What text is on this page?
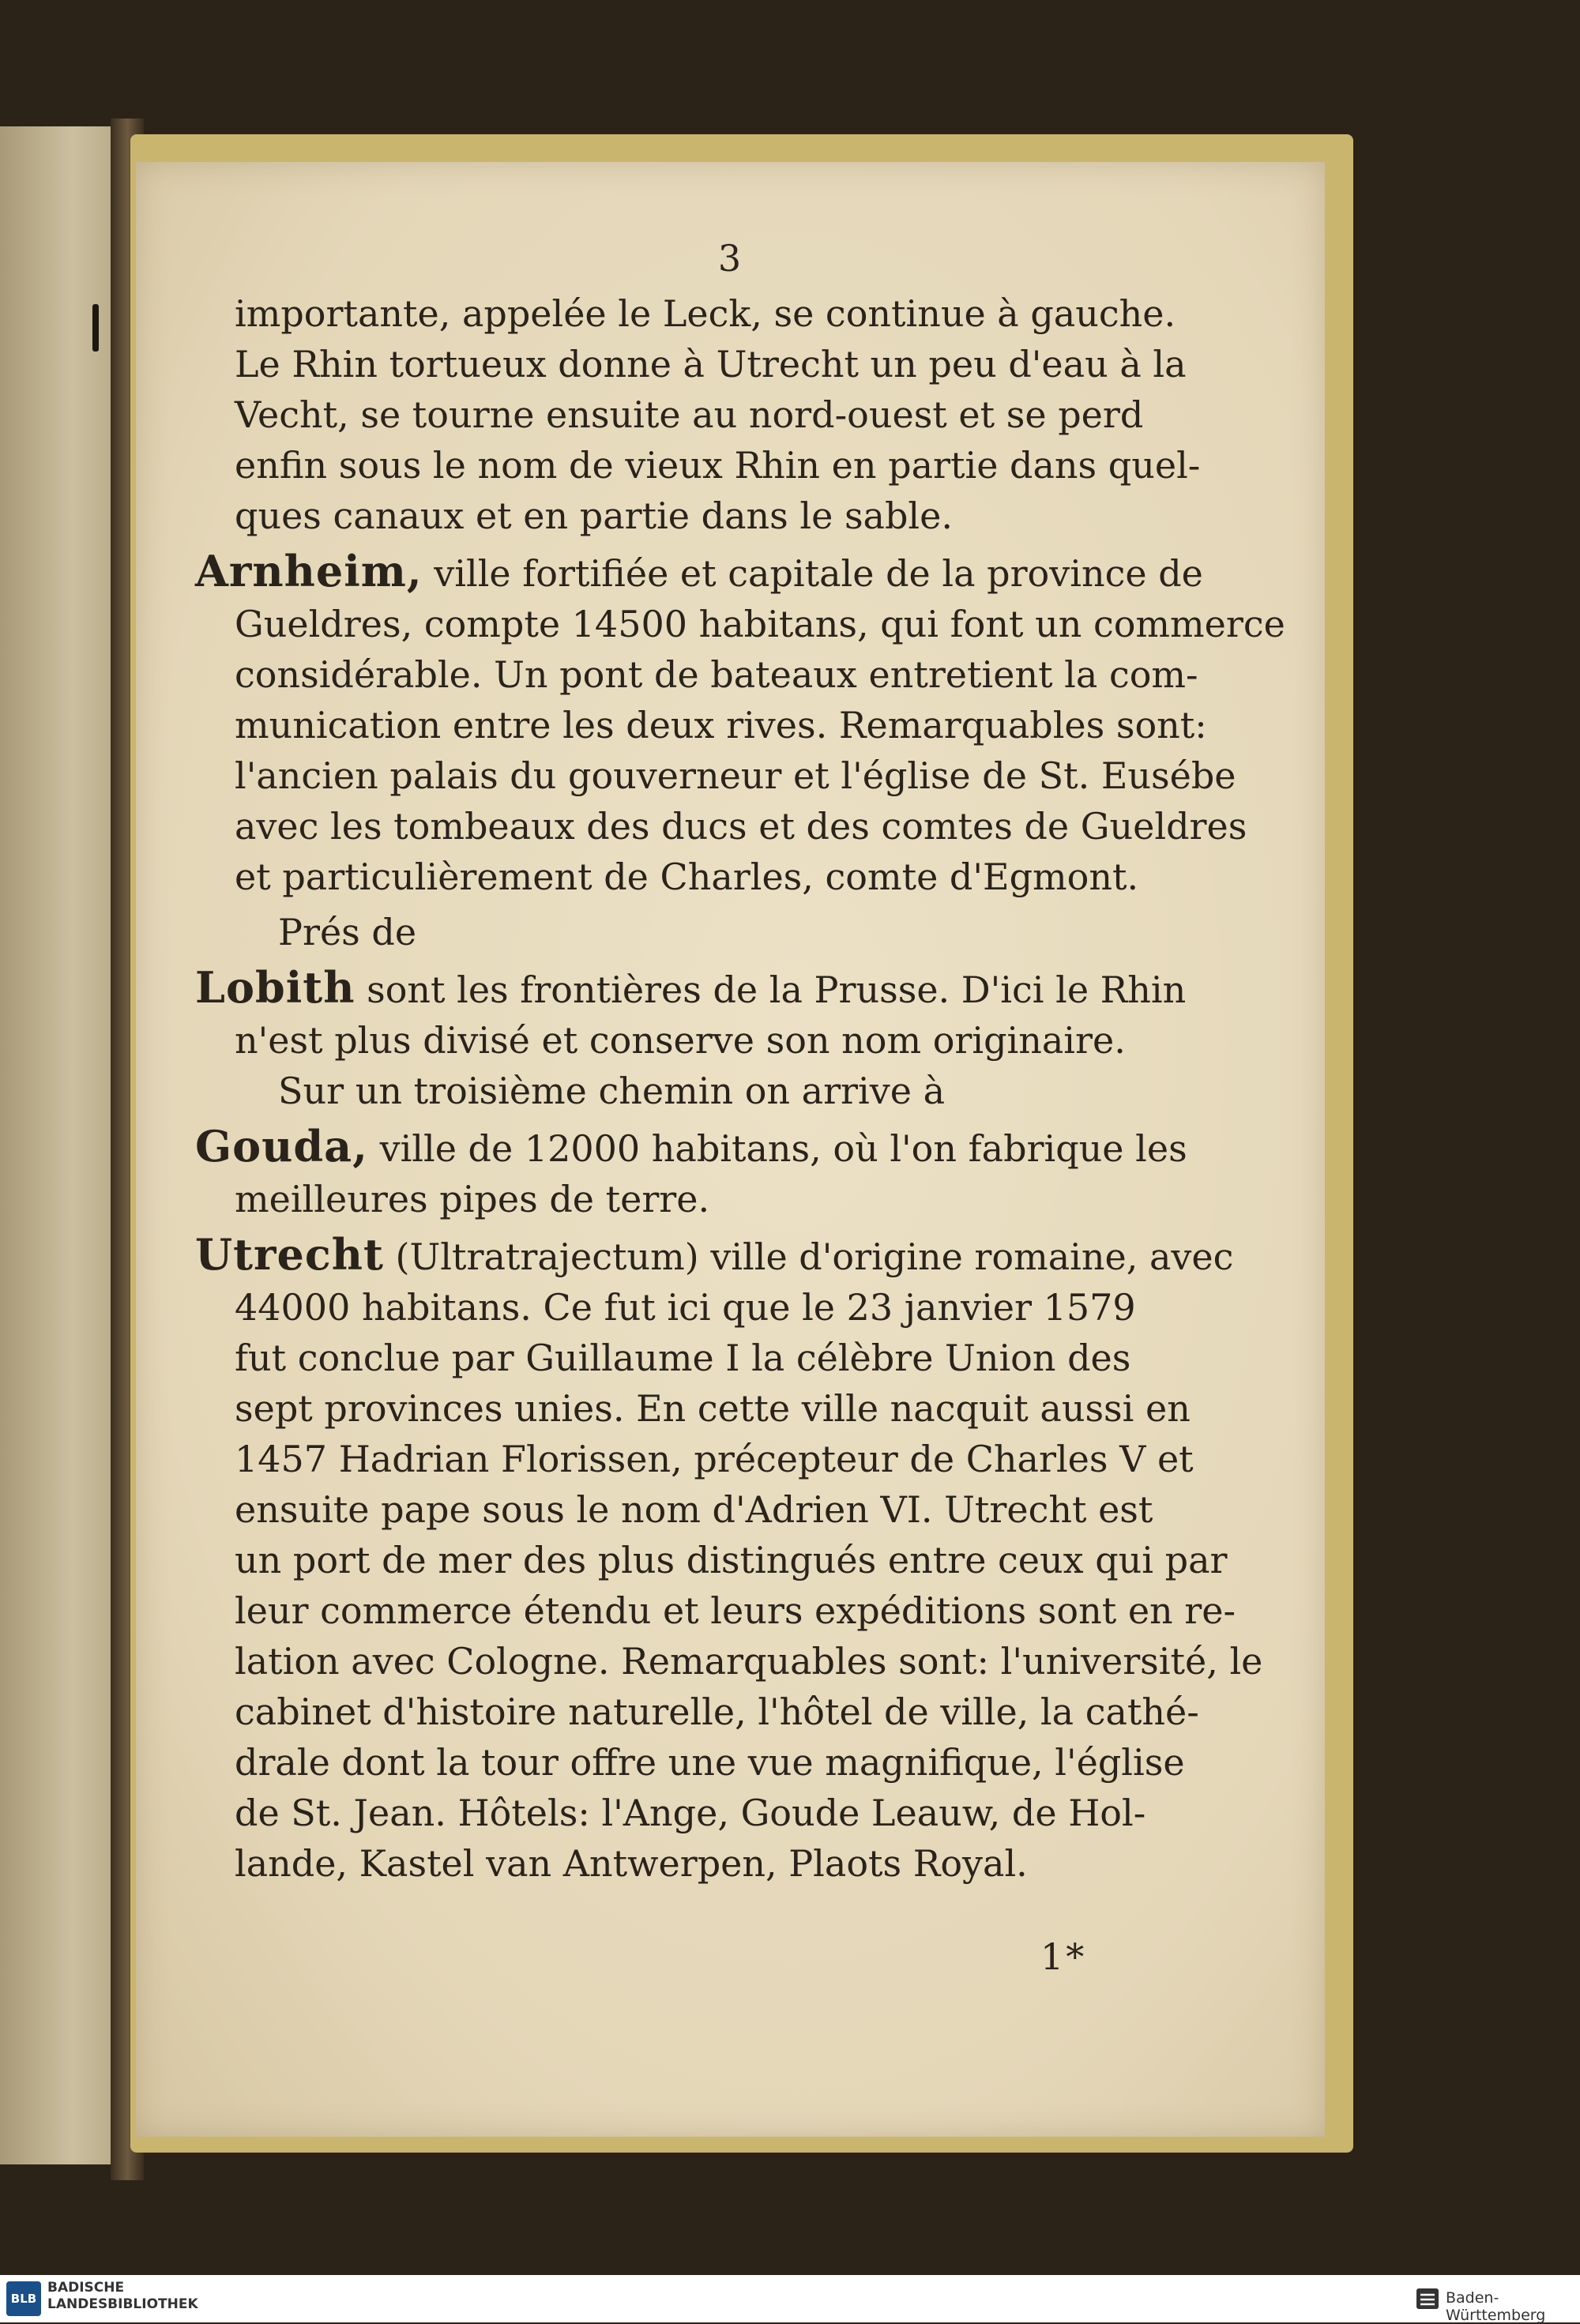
3
importante, appelée le Leck, se continue à gauche.
Le Rhin tortueux donne à Utrecht un peu d'eau à la
Vecht, se tourne ensuite au nord-ouest et se perd
enfin sous le nom de vieux Rhin en partie dans quel-
ques canaux et en partie dans le sable.
Arnheim, ville fortifiée et capitale de la province de
Gueldres, compte 14500 habitans, qui font un commerce
considérable. Un pont de bateaux entretient la com-
munication entre les deux rives. Remarquables sont:
l'ancien palais du gouverneur et l'église de St. Eusébe
avec les tombeaux des ducs et des comtes de Gueldres
et particulièrement de Charles, comte d'Egmont.
Prés de
Lobith sont les frontières de la Prusse. D'ici le Rhin
n'est plus divisé et conserve son nom originaire.
Sur un troisième chemin on arrive à
Gouda, ville de 12000 habitans, où l'on fabrique les
meilleures pipes de terre.
Utrecht (Ultratrajectum) ville d'origine romaine, avec
44000 habitans. Ce fut ici que le 23 janvier 1579
fut conclue par Guillaume I la célèbre Union des
sept provinces unies. En cette ville nacquit aussi en
1457 Hadrian Florissen, précepteur de Charles V et
ensuite pape sous le nom d'Adrien VI. Utrecht est
un port de mer des plus distingués entre ceux qui par
leur commerce étendu et leurs expéditions sont en re-
lation avec Cologne. Remarquables sont: l'université, le
cabinet d'histoire naturelle, l'hôtel de ville, la cathé-
drale dont la tour offre une vue magnifique, l'église
de St. Jean. Hôtels: l'Ange, Goude Leauw, de Hol-
lande, Kastel van Antwerpen, Plaots Royal.
1*
BLB
BADISCHE
LANDESBIBLIOTHEK	Baden-Württemberg
